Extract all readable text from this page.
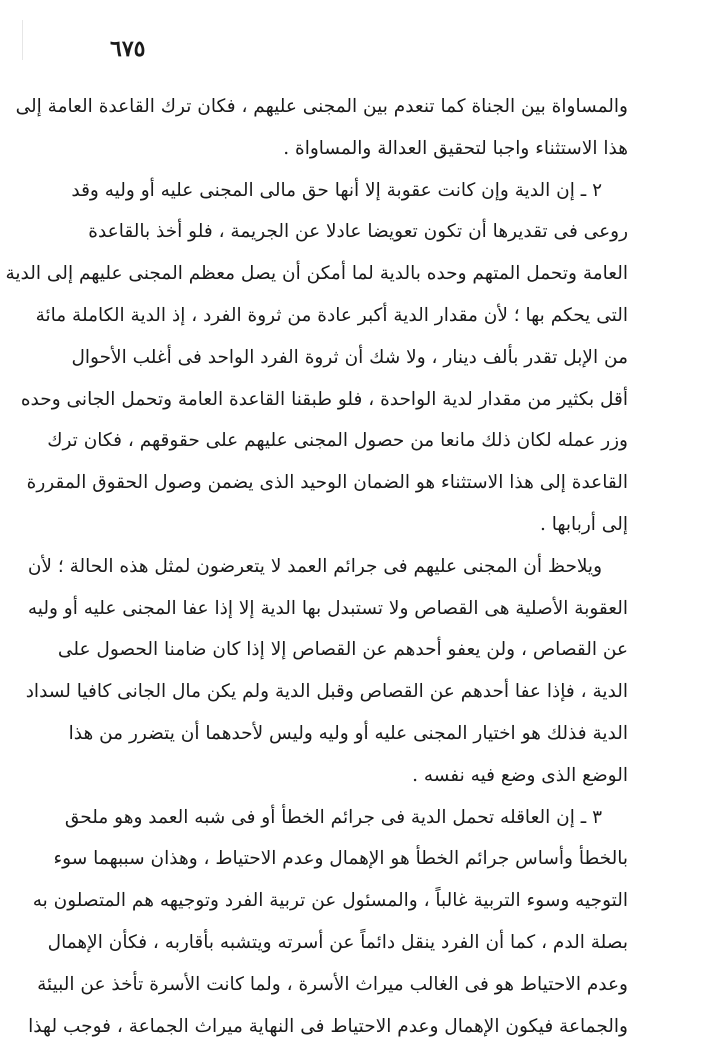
٦٧٥
والمساواة بين الجناة كما تنعدم بين المجنى عليهم ، فكان ترك القاعدة العامة إلى
هذا الاستثناء واجبا لتحقيق العدالة والمساواة .
٢ ـ إن الدية وإن كانت عقوبة إلا أنها حق مالى المجنى عليه أو وليه وقد
روعى فى تقديرها أن تكون تعويضا عادلا عن الجريمة ، فلو أخذ بالقاعدة
العامة وتحمل المتهم وحده بالدية لما أمكن أن يصل معظم المجنى عليهم إلى الدية
التى يحكم بها ؛ لأن مقدار الدية أكبر عادة من ثروة الفرد ، إذ الدية الكاملة مائة
من الإبل تقدر بألف دينار ، ولا شك أن ثروة الفرد الواحد فى أغلب الأحوال
أقل بكثير من مقدار لدية الواحدة ، فلو طبقنا القاعدة العامة وتحمل الجانى وحده
وزر عمله لكان ذلك مانعا من حصول المجنى عليهم على حقوقهم ، فكان ترك
القاعدة إلى هذا الاستثناء هو الضمان الوحيد الذى يضمن وصول الحقوق المقررة
إلى أربابها .
ويلاحظ أن المجنى عليهم فى جرائم العمد لا يتعرضون لمثل هذه الحالة ؛ لأن
العقوبة الأصلية هى القصاص ولا تستبدل بها الدية إلا إذا عفا المجنى عليه أو وليه
عن القصاص ، ولن يعفو أحدهم عن القصاص إلا إذا كان ضامنا الحصول على
الدية ، فإذا عفا أحدهم عن القصاص وقبل الدية ولم يكن مال الجانى كافيا لسداد
الدية فذلك هو اختيار المجنى عليه أو وليه وليس لأحدهما أن يتضرر من هذا
الوضع الذى وضع فيه نفسه .
٣ ـ إن العاقله تحمل الدية فى جرائم الخطأ أو فى شبه العمد وهو ملحق
بالخطأ وأساس جرائم الخطأ هو الإهمال وعدم الاحتياط ، وهذان سببهما سوء
التوجيه وسوء التربية غالباً ، والمسئول عن تربية الفرد وتوجيهه هم المتصلون به
بصلة الدم ، كما أن الفرد ينقل دائماً عن أسرته ويتشبه بأقاربه ، فكأن الإهمال
وعدم الاحتياط هو فى الغالب ميراث الأسرة ، ولما كانت الأسرة تأخذ عن البيئة
والجماعة فيكون الإهمال وعدم الاحتياط فى النهاية ميراث الجماعة ، فوجب لهذا
